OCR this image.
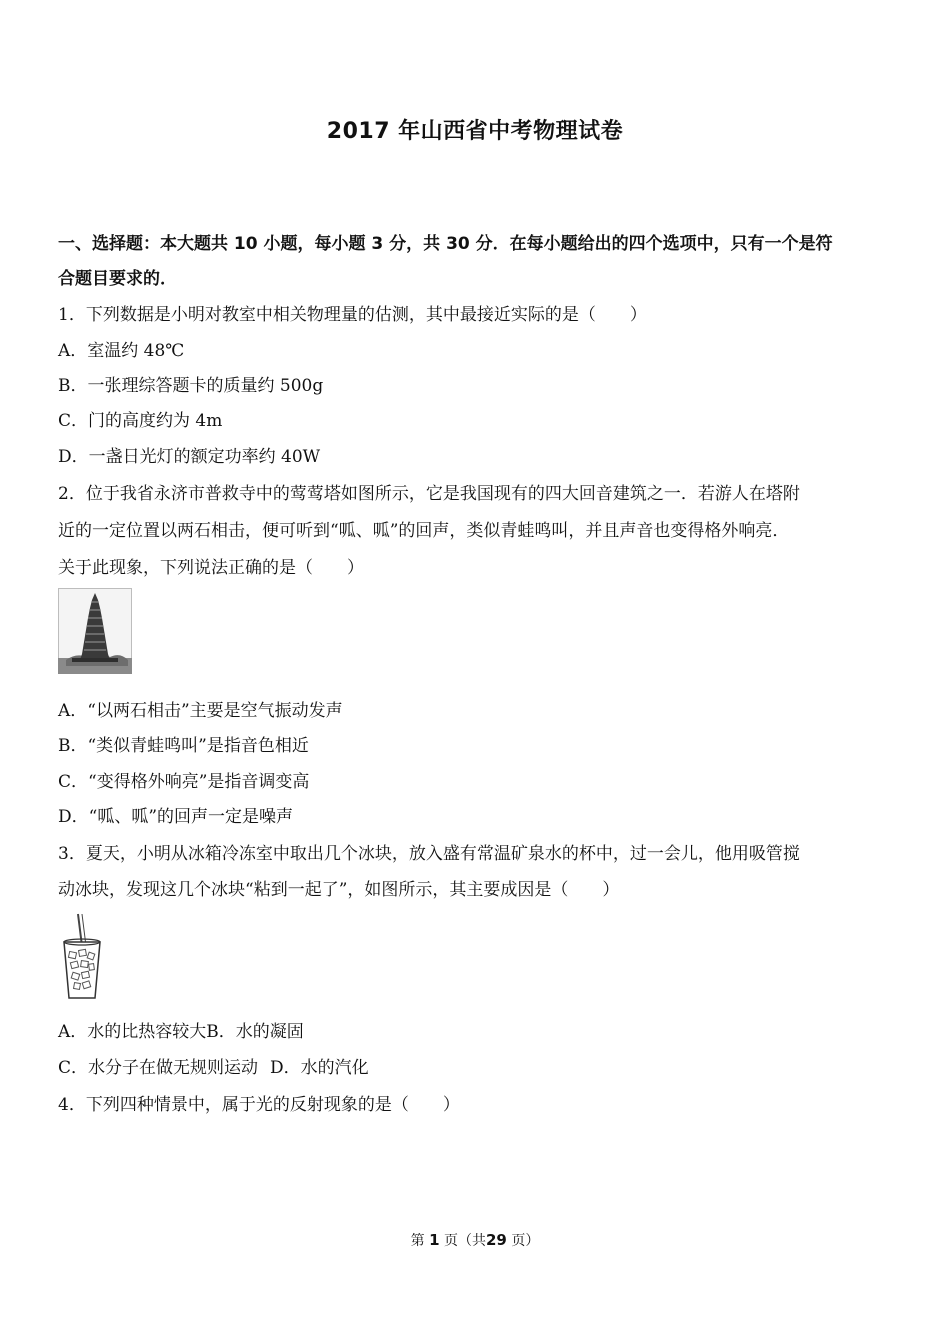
2017 年山西省中考物理试卷
一、选择题：本大题共 10 小题，每小题 3 分，共 30 分．在每小题给出的四个选项中，只有一个是符
合题目要求的．
1．下列数据是小明对教室中相关物理量的估测，其中最接近实际的是（　　）
A．室温约 48℃
B．一张理综答题卡的质量约 500g
C．门的高度约为 4m
D．一盏日光灯的额定功率约 40W
2．位于我省永济市普救寺中的莺莺塔如图所示，它是我国现有的四大回音建筑之一．若游人在塔附
近的一定位置以两石相击，便可听到“呱、呱”的回声，类似青蛙鸣叫，并且声音也变得格外响亮．
关于此现象，下列说法正确的是（　　）
A．“以两石相击”主要是空气振动发声
B．“类似青蛙鸣叫”是指音色相近
C．“变得格外响亮”是指音调变高
D．“呱、呱”的回声一定是噪声
3．夏天，小明从冰箱冷冻室中取出几个冰块，放入盛有常温矿泉水的杯中，过一会儿，他用吸管搅
动冰块，发现这几个冰块“粘到一起了”，如图所示，其主要成因是（　　）
A．水的比热容较大B．水的凝固
C．水分子在做无规则运动 D．水的汽化
4．下列四种情景中，属于光的反射现象的是（　　）
第 1 页（共29 页）
